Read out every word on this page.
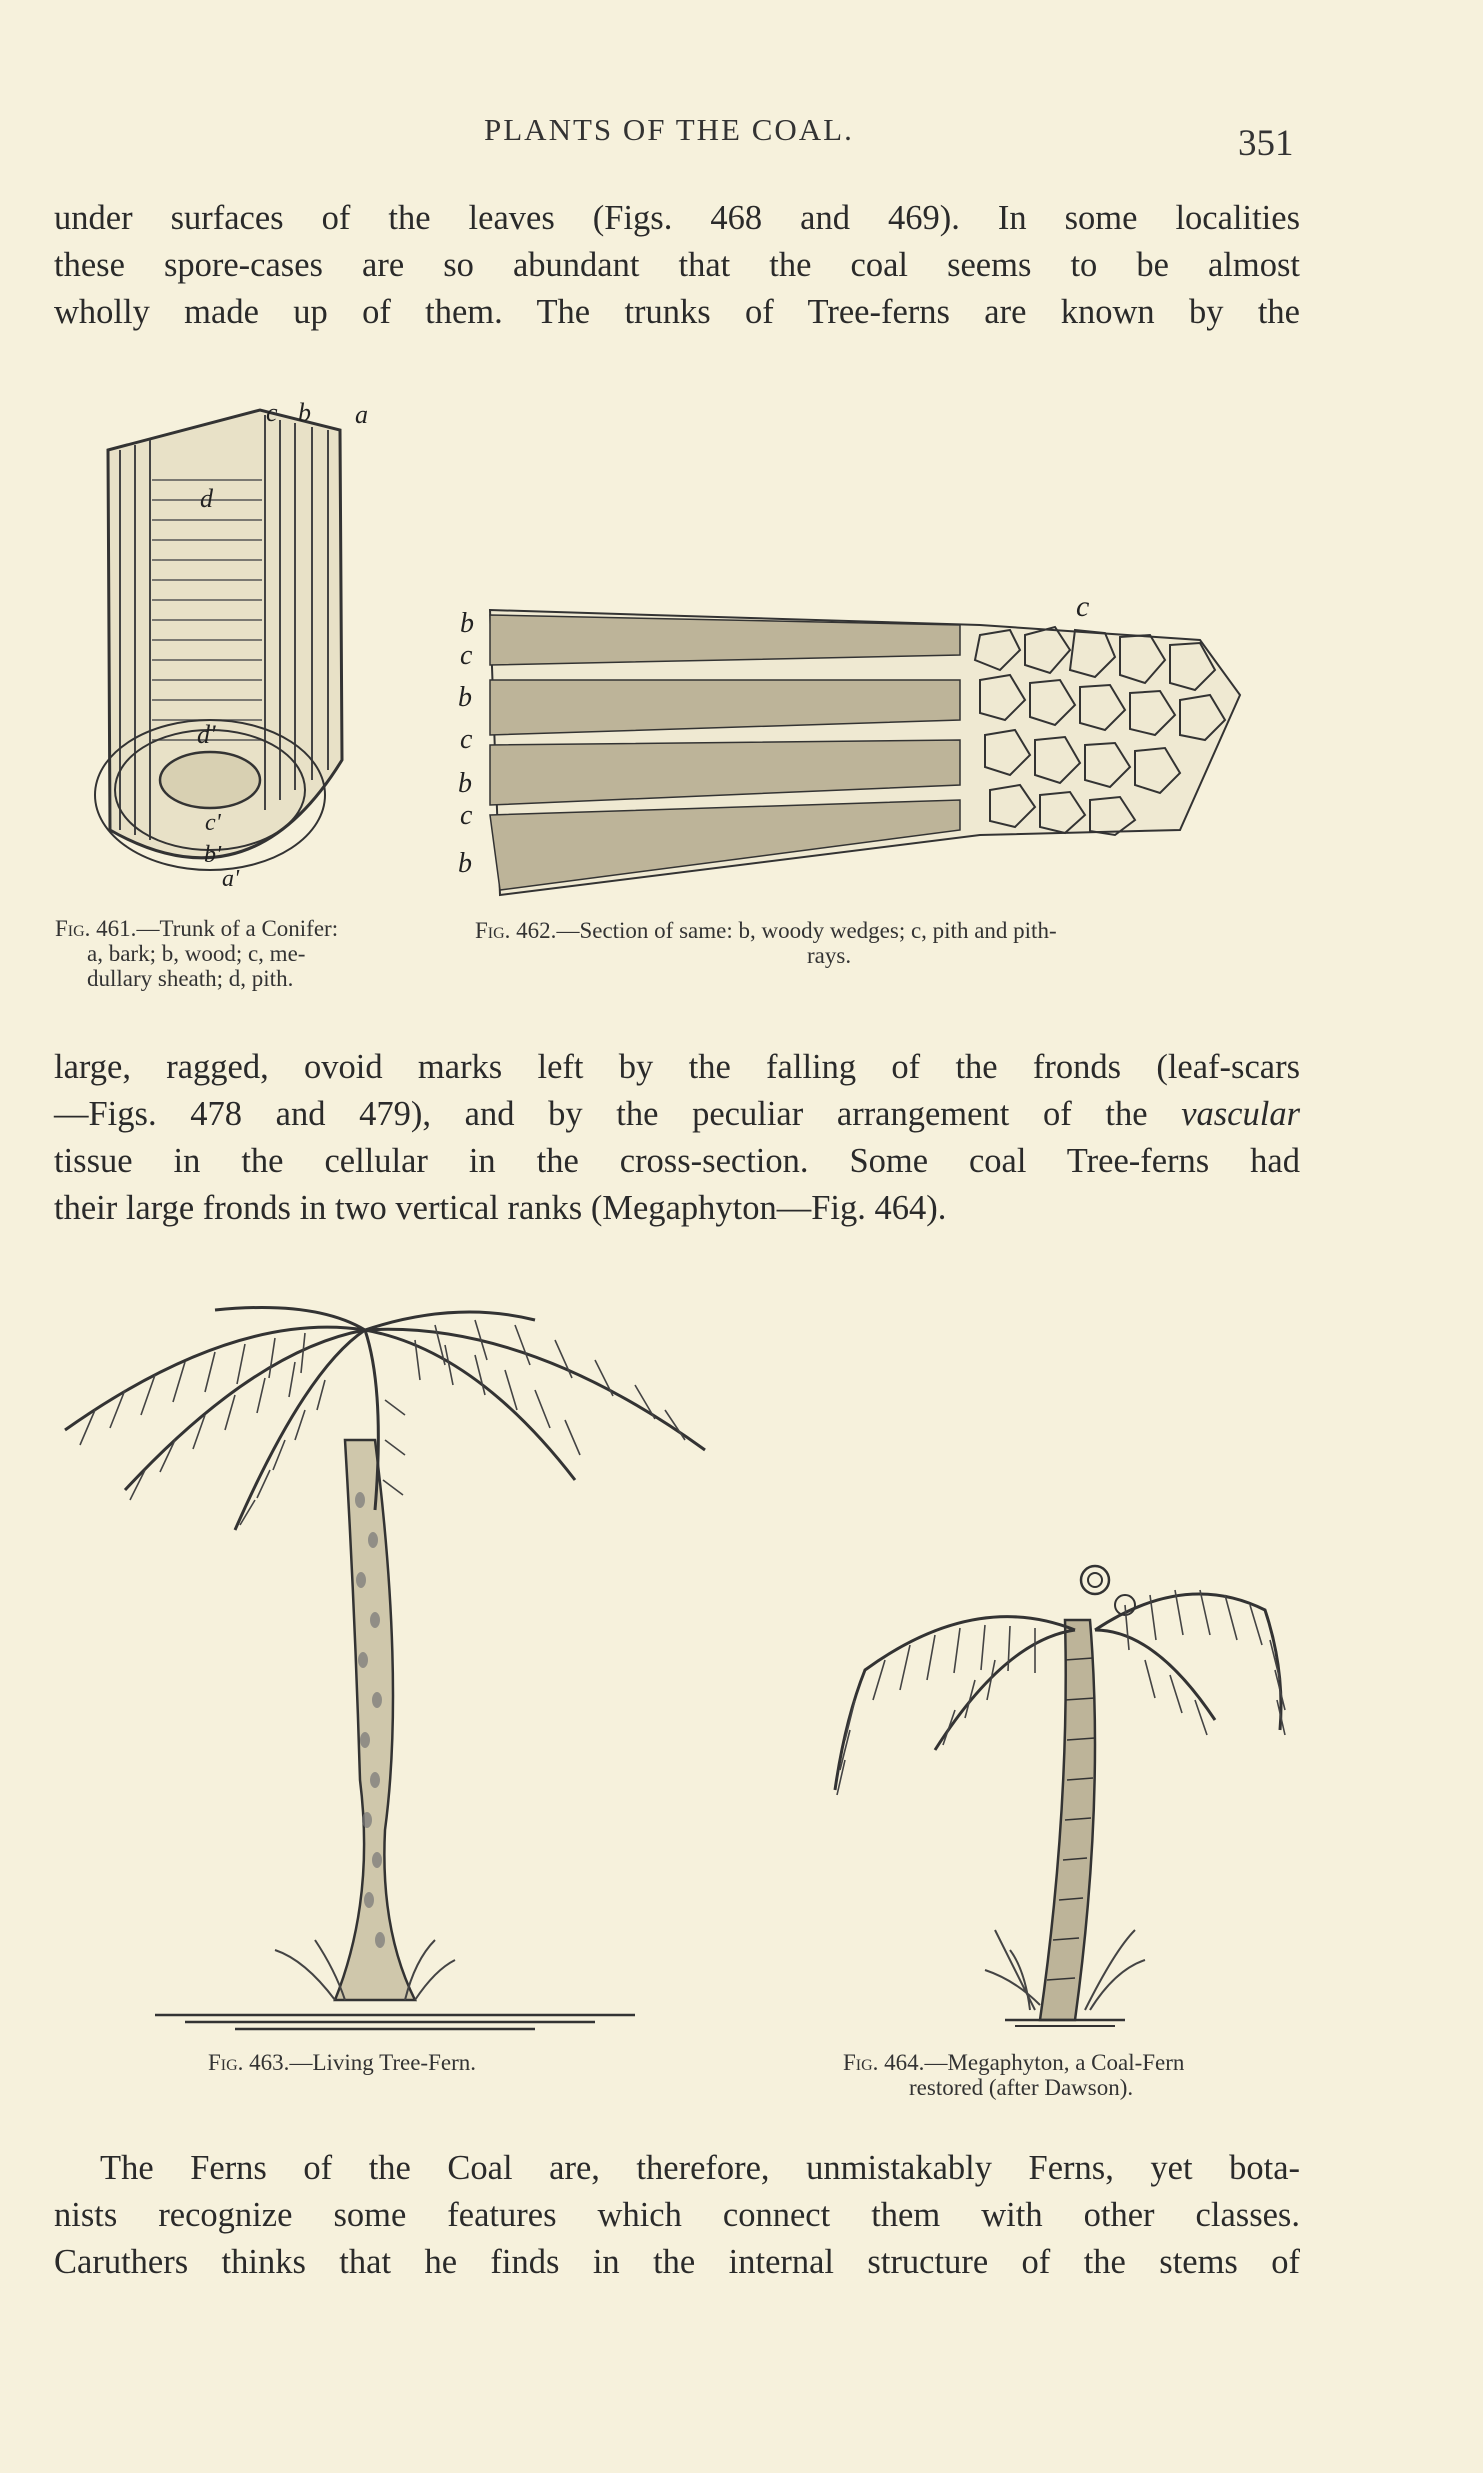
PLANTS OF THE COAL.	351
under surfaces of the leaves (Figs. 468 and 469). In some localities
these spore-cases are so abundant that the coal seems to be almost
wholly made up of them. The trunks of Tree-ferns are known by the
a
b
c
d
d'
c'
b'
a'
b
c
b
c
b
c
b
c
Fig. 461.—Trunk of a Conifer:
a, bark; b, wood; c, me-
dullary sheath; d, pith.
Fig. 462.—Section of same: b, woody wedges; c, pith and pith-
rays.
large, ragged, ovoid marks left by the falling of the fronds (leaf-scars
—Figs. 478 and 479), and by the peculiar arrangement of the vascular
tissue in the cellular in the cross-section. Some coal Tree-ferns had
their large fronds in two vertical ranks (Megaphyton—Fig. 464).
Fig. 463.—Living Tree-Fern.	Fig. 464.—Megaphyton, a Coal-Fern
restored (after Dawson).
The Ferns of the Coal are, therefore, unmistakably Ferns, yet bota-
nists recognize some features which connect them with other classes.
Caruthers thinks that he finds in the internal structure of the stems of
